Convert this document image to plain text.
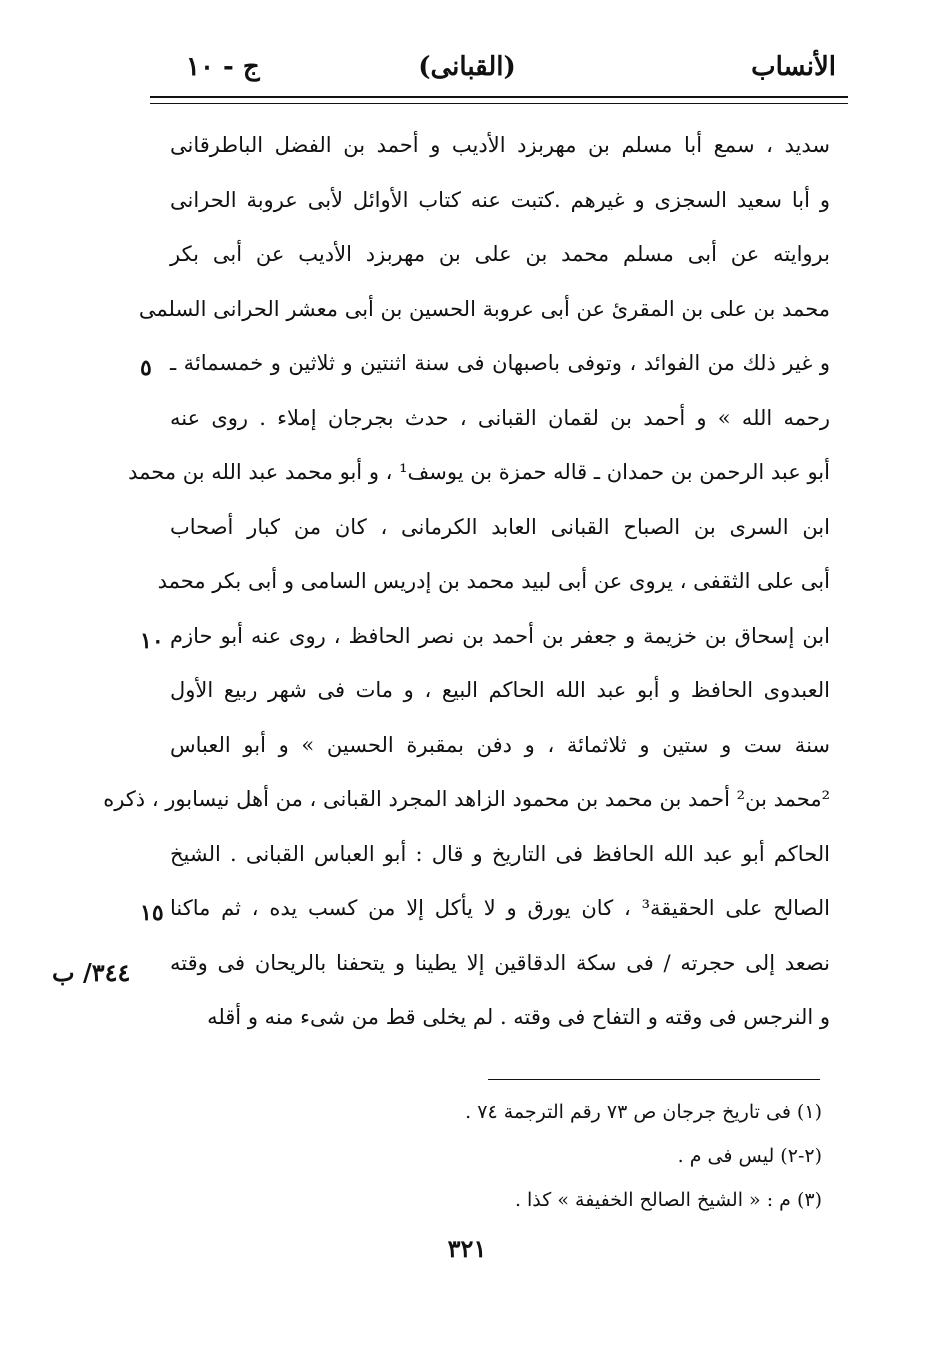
الأنساب
(القبانى)
ج - ١٠
سديد ، سمع أبا مسلم بن مهربزد الأديب و أحمد بن الفضل الباطرقانى
و أبا سعيد السجزى و غيرهم .كتبت عنه كتاب الأوائل لأبى عروبة الحرانى
بروايته عن أبى مسلم محمد بن على بن مهربزد الأديب عن أبى بكر
محمد بن على بن المقرئ عن أبى عروبة الحسين بن أبى معشر الحرانى السلمى
و غير ذلك من الفوائد ، وتوفى باصبهان فى سنة اثنتين و ثلاثين و خمسمائة ـ
رحمه الله » و أحمد بن لقمان القبانى ، حدث بجرجان إملاء . روى عنه
أبو عبد الرحمن بن حمدان ـ قاله حمزة بن يوسف¹ ، و أبو محمد عبد الله بن محمد
ابن السرى بن الصباح القبانى العابد الكرمانى ، كان من كبار أصحاب
أبى على الثقفى ، يروى عن أبى لبيد محمد بن إدريس السامى و أبى بكر محمد
ابن إسحاق بن خزيمة و جعفر بن أحمد بن نصر الحافظ ، روى عنه أبو حازم
العبدوى الحافظ و أبو عبد الله الحاكم البيع ، و مات فى شهر ربيع الأول
سنة ست و ستين و ثلاثمائة ، و دفن بمقبرة الحسين » و أبو العباس
²محمد بن² أحمد بن محمد بن محمود الزاهد المجرد القبانى ، من أهل نيسابور ، ذكره
الحاكم أبو عبد الله الحافظ فى التاريخ و قال : أبو العباس القبانى . الشيخ
الصالح على الحقيقة³ ، كان يورق و لا يأكل إلا من كسب يده ، ثم ماكنا
نصعد إلى حجرته / فى سكة الدقاقين إلا يطينا و يتحفنا بالريحان فى وقته
و النرجس فى وقته و التفاح فى وقته . لم يخلى قط من شىء منه و أقله
٥
١٠
١٥
٣٤٤/ ب
(١) فى تاريخ جرجان ص ٧٣ رقم الترجمة ٧٤ .
(٢-٢) ليس فى م .
(٣) م : « الشيخ الصالح الخفيفة » كذا .
٣٢١
